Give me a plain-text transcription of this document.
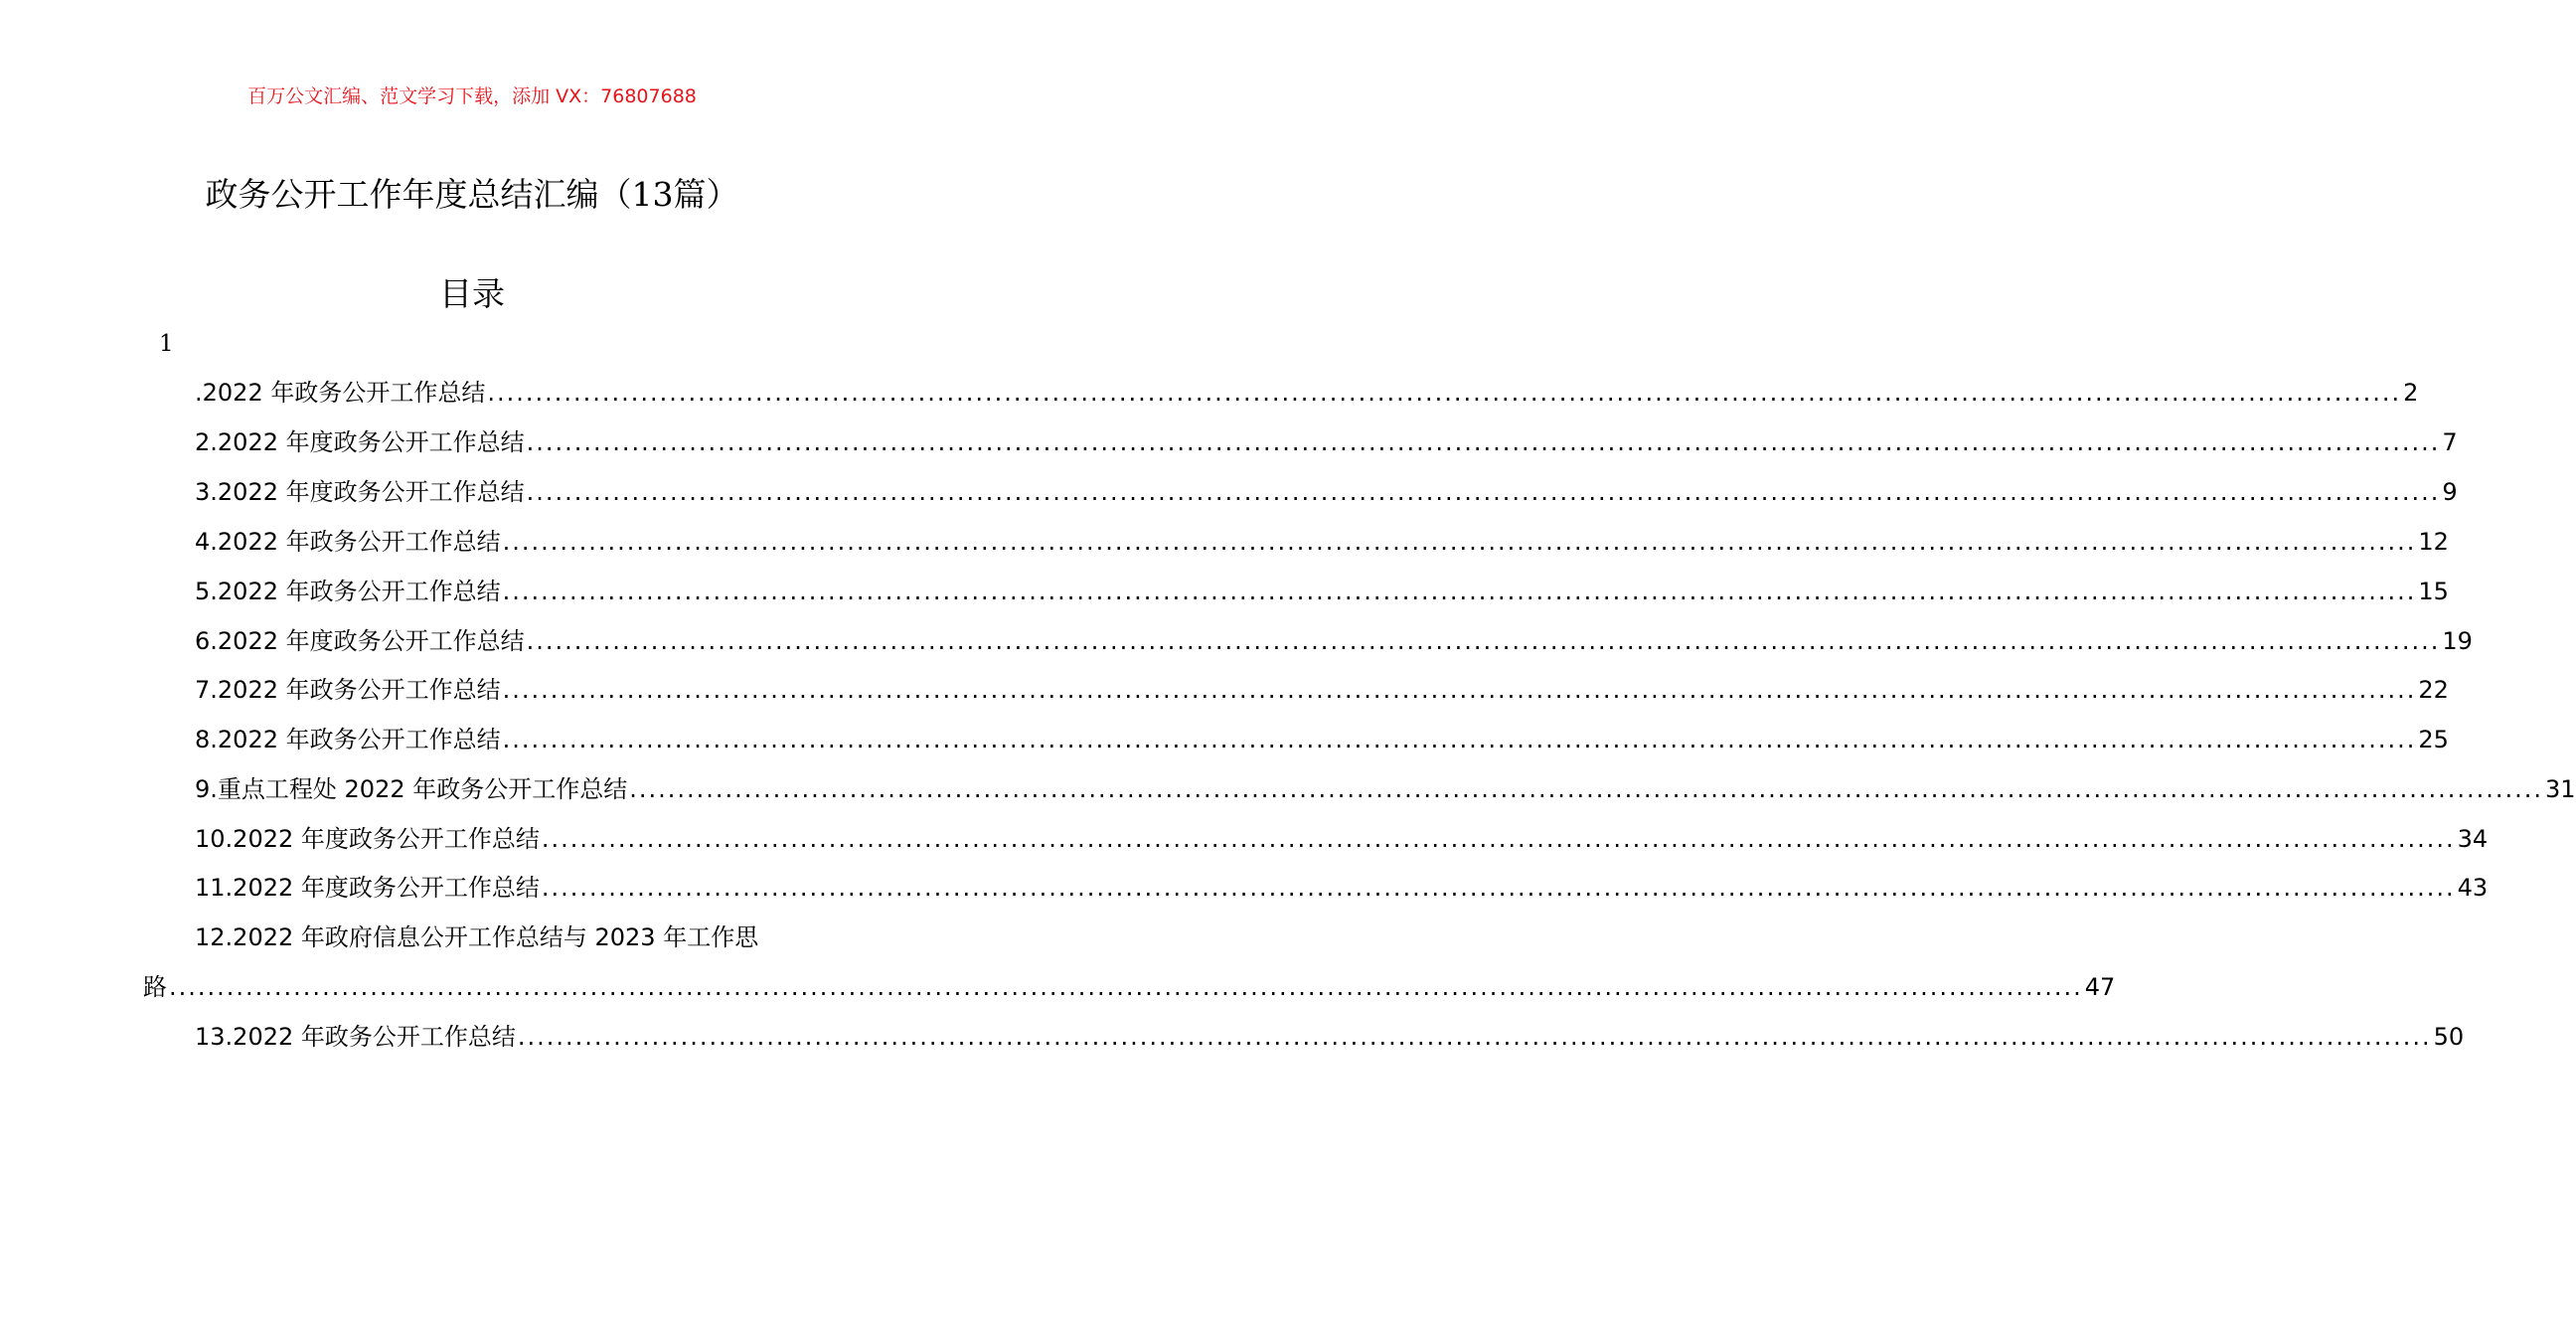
百万公文汇编、范文学习下载，添加 VX：76807688
政务公开工作年度总结汇编（13篇）
目录
1
.2022 年政务公开工作总结 ........................................................................................................................................................................................................ 2
2.2022 年度政务公开工作总结 ........................................................................................................................................................................................................ 7
3.2022 年度政务公开工作总结 ........................................................................................................................................................................................................ 9
4.2022 年政务公开工作总结 ........................................................................................................................................................................................................ 12
5.2022 年政务公开工作总结 ........................................................................................................................................................................................................ 15
6.2022 年度政务公开工作总结 ........................................................................................................................................................................................................ 19
7.2022 年政务公开工作总结 ........................................................................................................................................................................................................ 22
8.2022 年政务公开工作总结 ........................................................................................................................................................................................................ 25
9.重点工程处 2022 年政务公开工作总结 ........................................................................................................................................................................................................ 31
10.2022 年度政务公开工作总结 ........................................................................................................................................................................................................ 34
11.2022 年度政务公开工作总结 ........................................................................................................................................................................................................ 43
12.2022 年政府信息公开工作总结与 2023 年工作思
路 ........................................................................................................................................................................................................ 47
13.2022 年政务公开工作总结 ........................................................................................................................................................................................................ 50
